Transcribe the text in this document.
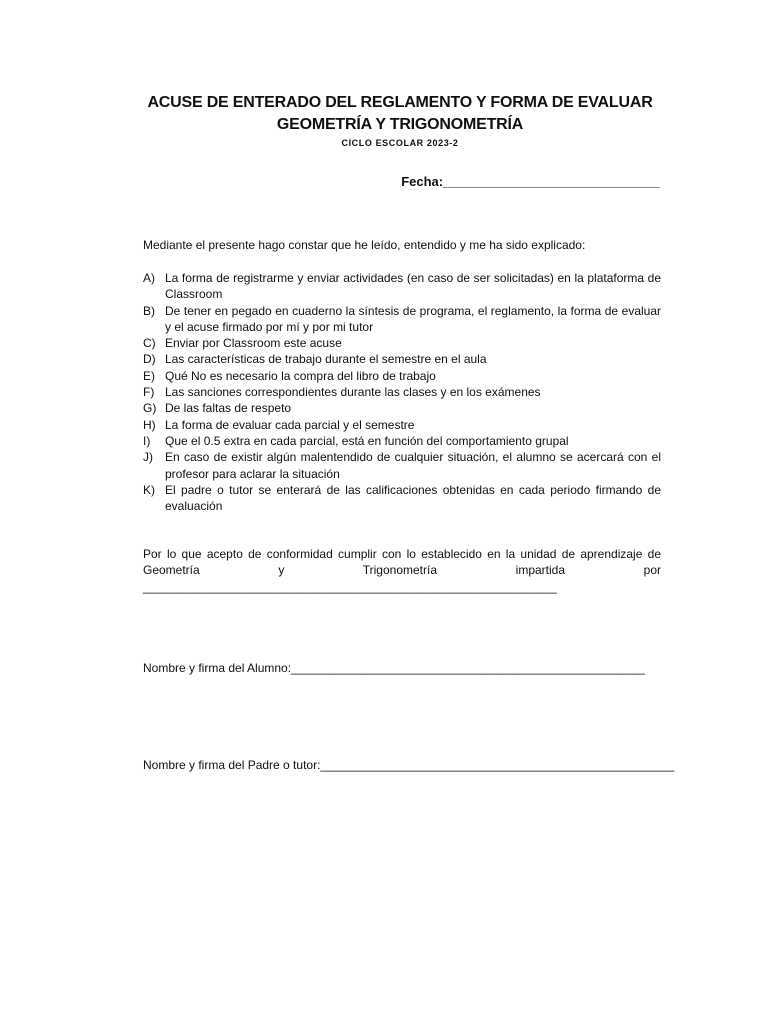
ACUSE DE ENTERADO DEL REGLAMENTO Y FORMA DE EVALUAR
GEOMETRÍA Y TRIGONOMETRÍA
CICLO ESCOLAR 2023-2
Fecha:______________________________
Mediante el presente hago constar que he leído, entendido y me ha sido explicado:
A) La forma de registrarme y enviar actividades (en caso de ser solicitadas) en la plataforma de Classroom
B) De tener en pegado en cuaderno la síntesis de programa, el reglamento, la forma de evaluar y el acuse firmado por mí y por mi tutor
C) Enviar por Classroom este acuse
D) Las características de trabajo durante el semestre en el aula
E) Qué No es necesario la compra del libro de trabajo
F) Las sanciones correspondientes durante las clases y en los exámenes
G) De las faltas de respeto
H) La forma de evaluar cada parcial y el semestre
I)	Que el 0.5 extra en cada parcial, está en función del comportamiento grupal
J)	En caso de existir algún malentendido de cualquier situación, el alumno se acercará con el profesor para aclarar la situación
K) El padre o tutor se enterará de las calificaciones obtenidas en cada periodo firmando de evaluación
Por lo que acepto de conformidad cumplir con lo establecido en la unidad de aprendizaje de Geometría y Trigonometría impartida por ______________________________________________________________
Nombre y firma del Alumno:_____________________________________________________
Nombre y firma del Padre o tutor:_____________________________________________________
